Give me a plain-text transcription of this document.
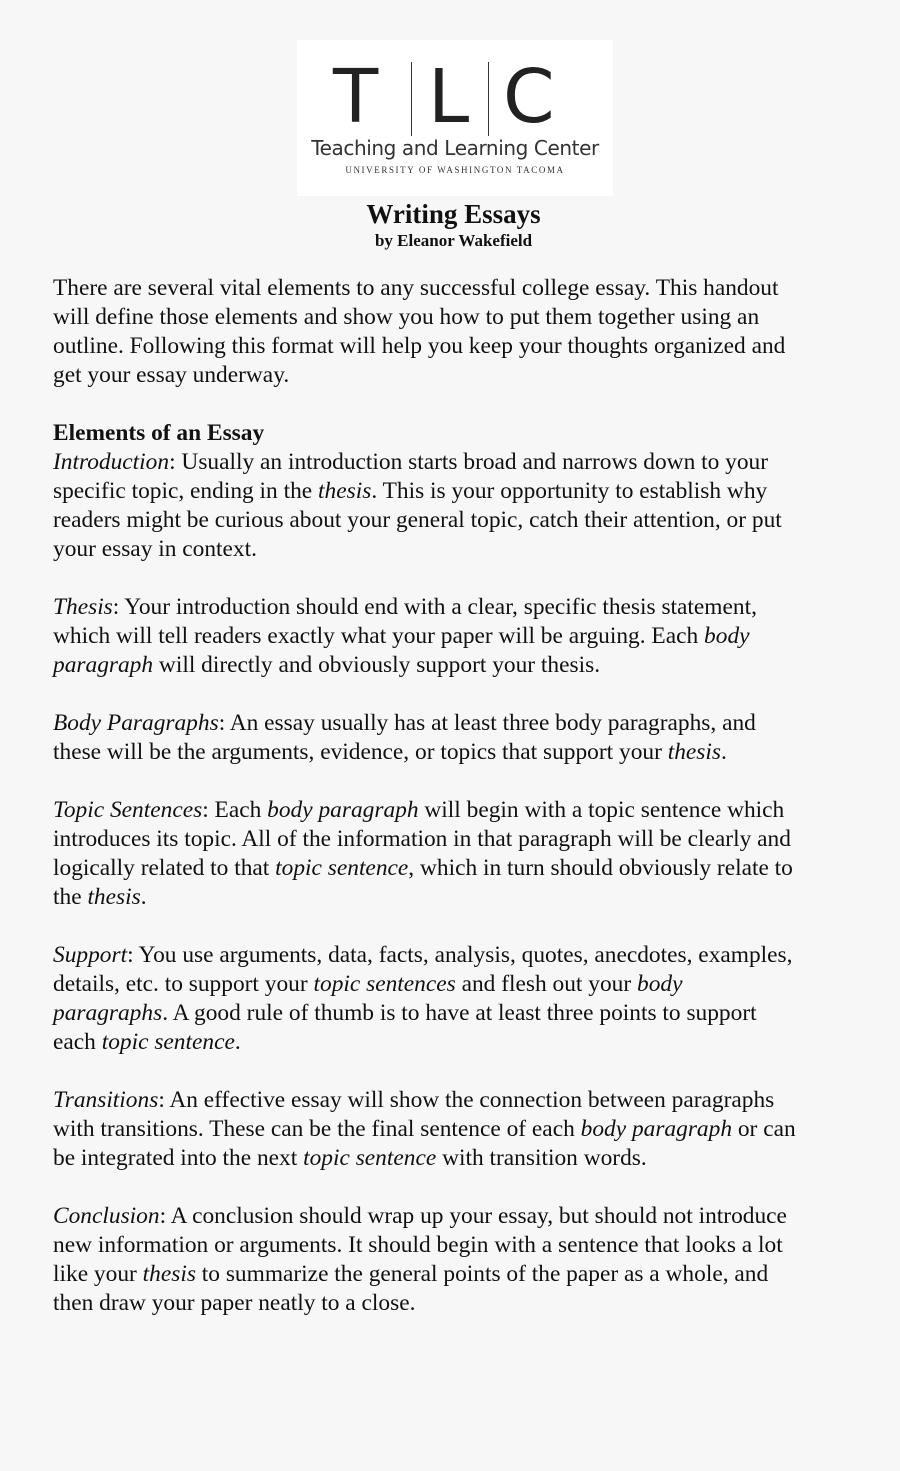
T L C
Teaching and Learning Center
UNIVERSITY OF WASHINGTON TACOMA
Writing Essays
by Eleanor Wakefield
There are several vital elements to any successful college essay. This handout
will define those elements and show you how to put them together using an
outline. Following this format will help you keep your thoughts organized and
get your essay underway.
Elements of an Essay
Introduction: Usually an introduction starts broad and narrows down to your
specific topic, ending in the thesis. This is your opportunity to establish why
readers might be curious about your general topic, catch their attention, or put
your essay in context.
Thesis: Your introduction should end with a clear, specific thesis statement,
which will tell readers exactly what your paper will be arguing. Each body
paragraph will directly and obviously support your thesis.
Body Paragraphs: An essay usually has at least three body paragraphs, and
these will be the arguments, evidence, or topics that support your thesis.
Topic Sentences: Each body paragraph will begin with a topic sentence which
introduces its topic. All of the information in that paragraph will be clearly and
logically related to that topic sentence, which in turn should obviously relate to
the thesis.
Support: You use arguments, data, facts, analysis, quotes, anecdotes, examples,
details, etc. to support your topic sentences and flesh out your body
paragraphs. A good rule of thumb is to have at least three points to support
each topic sentence.
Transitions: An effective essay will show the connection between paragraphs
with transitions. These can be the final sentence of each body paragraph or can
be integrated into the next topic sentence with transition words.
Conclusion: A conclusion should wrap up your essay, but should not introduce
new information or arguments. It should begin with a sentence that looks a lot
like your thesis to summarize the general points of the paper as a whole, and
then draw your paper neatly to a close.
